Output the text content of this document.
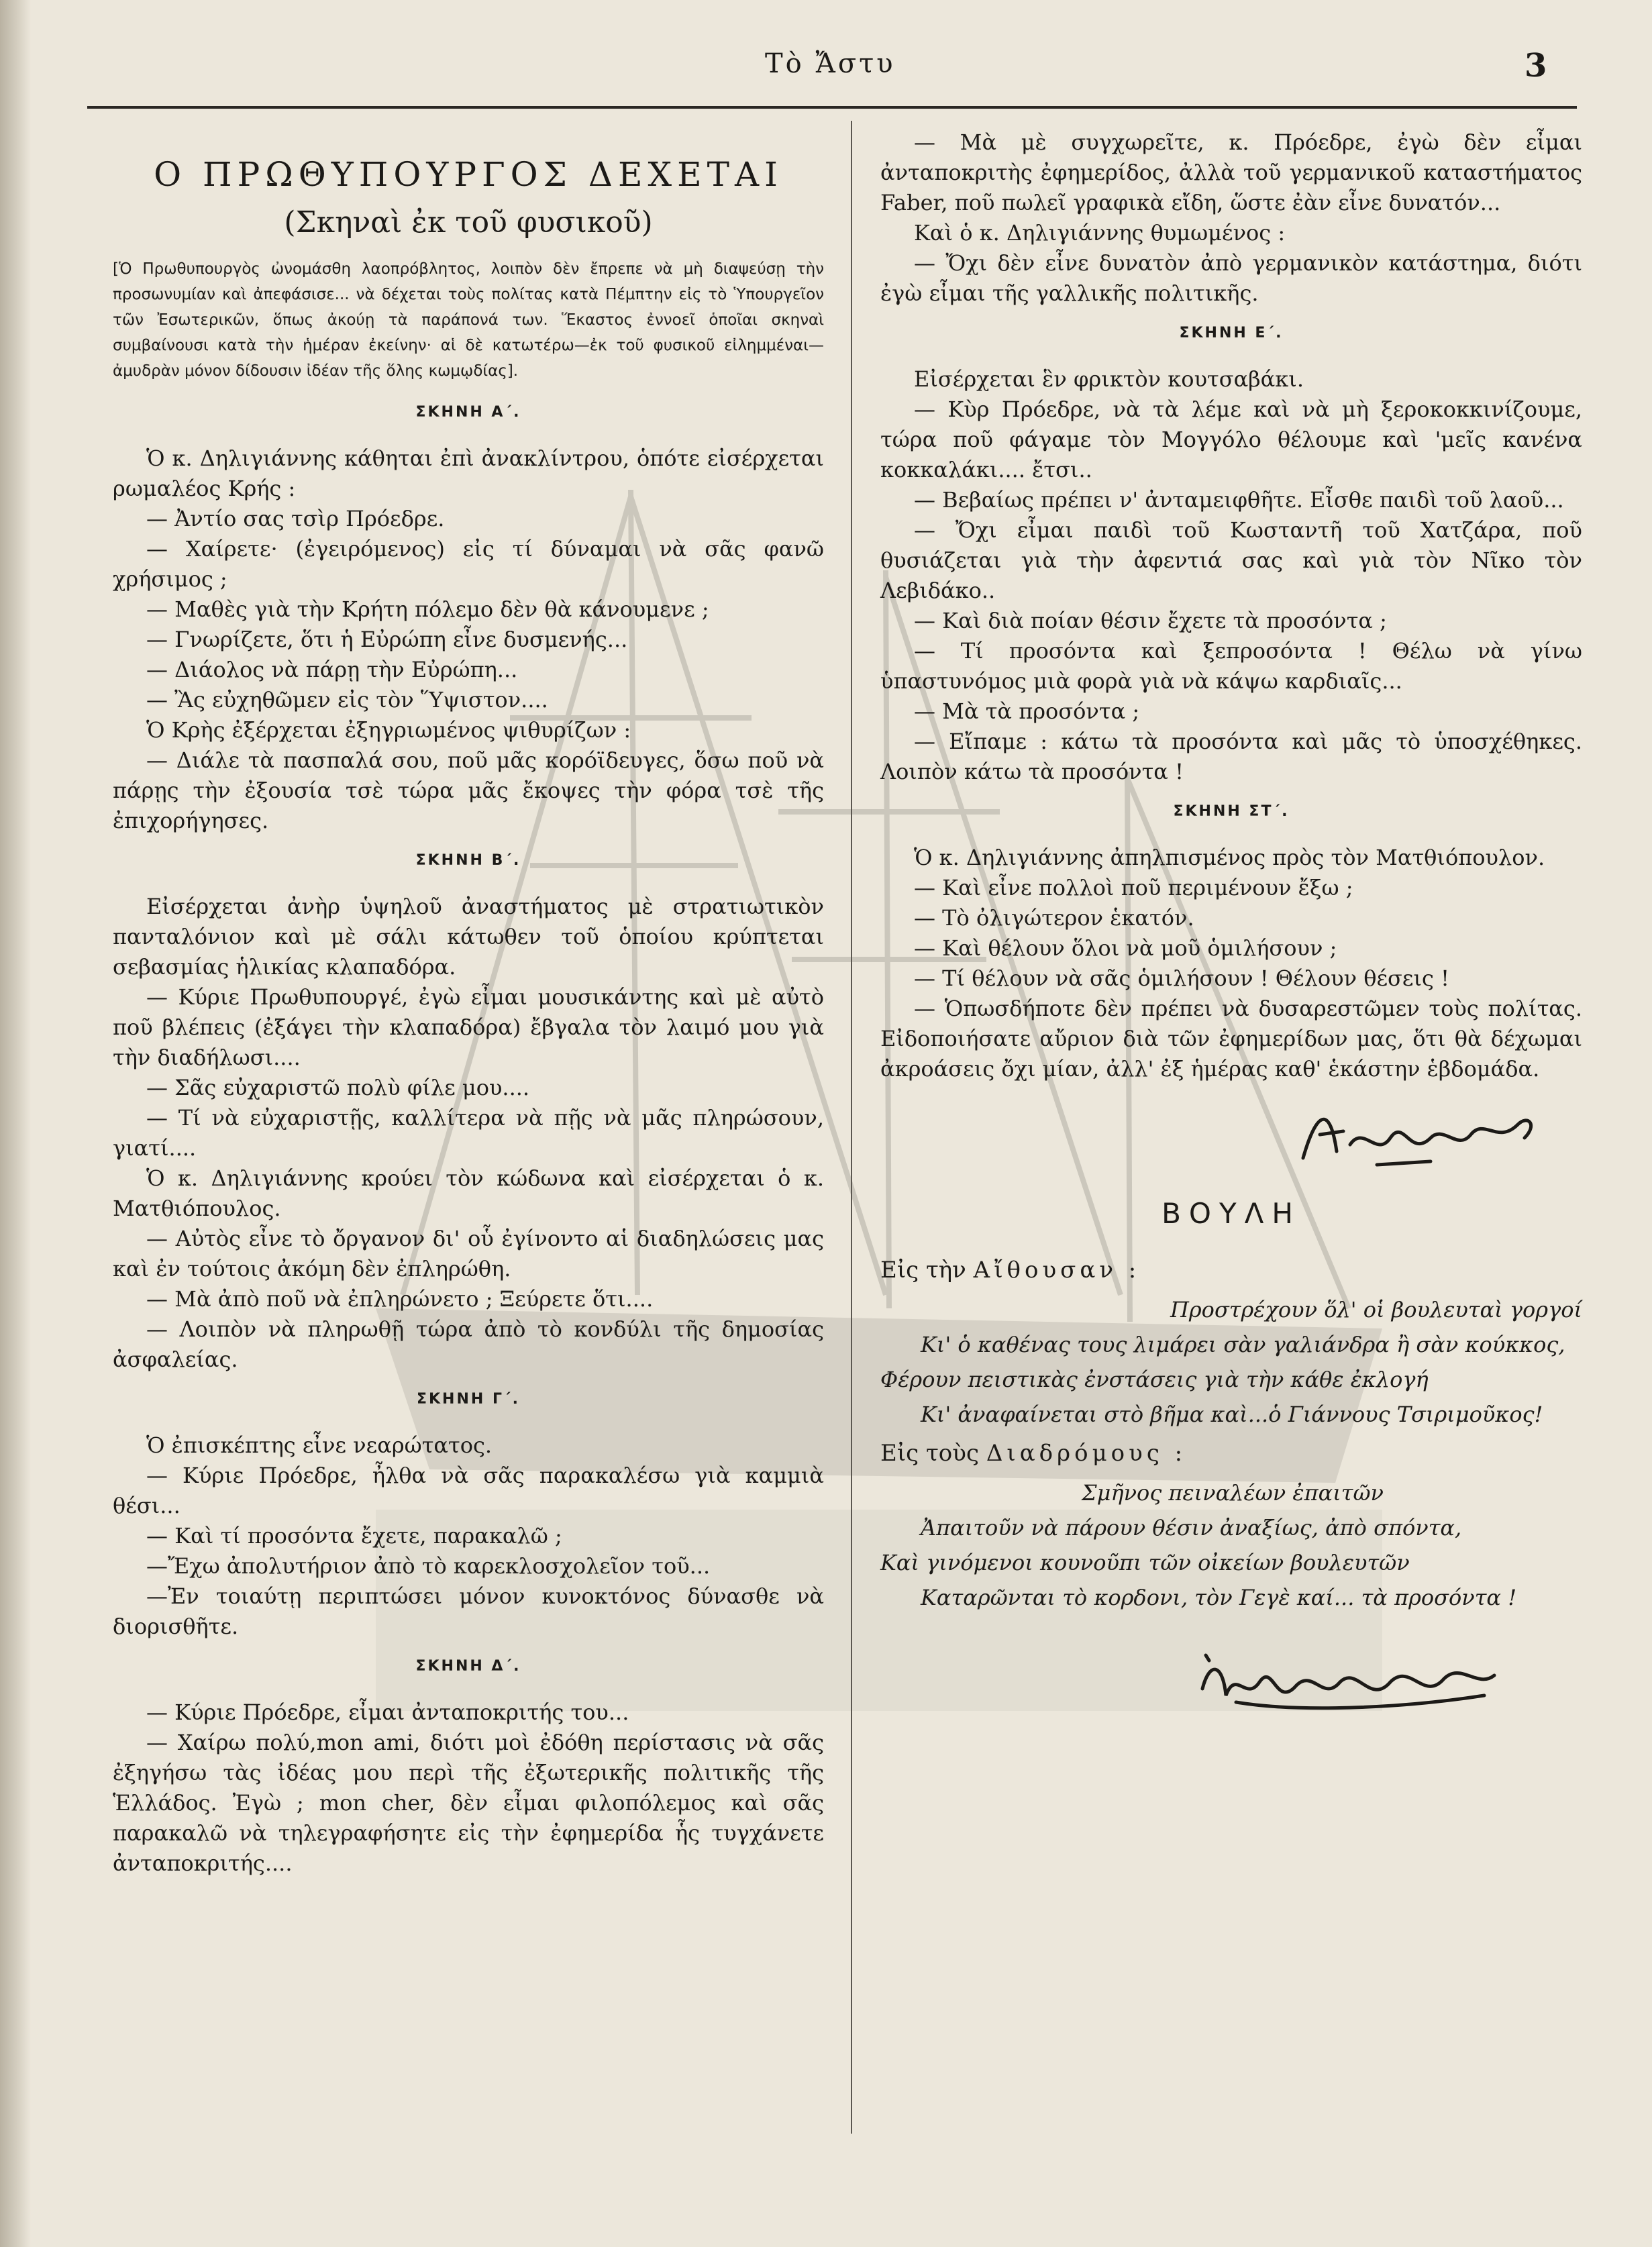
Τὸ Ἄστυ	3
Ο ΠΡΩΘΥΠΟΥΡΓΟΣ ΔΕΧΕΤΑΙ
(Σκηναὶ ἐκ τοῦ φυσικοῦ)
[Ὁ Πρωθυπουργὸς ὠνομάσθη λαοπρόβλητος, λοιπὸν δὲν ἔπρεπε νὰ μὴ διαψεύσῃ τὴν προσωνυμίαν καὶ ἀπεφάσισε... νὰ δέχεται τοὺς πολίτας κατὰ Πέμπτην εἰς τὸ Ὑπουργεῖον τῶν Ἐσωτερικῶν, ὅπως ἀκούῃ τὰ παράπονά των. Ἕκαστος ἐννοεῖ ὁποῖαι σκηναὶ συμβαίνουσι κατὰ τὴν ἡμέραν ἐκείνην· αἱ δὲ κατωτέρω—ἐκ τοῦ φυσικοῦ εἰλημμέναι—ἀμυδρὰν μόνον δίδουσιν ἰδέαν τῆς ὅλης κωμῳδίας].
ΣΚΗΝΗ Α΄.

Ὁ κ. Δηλιγιάννης κάθηται ἐπὶ ἀνακλίντρου, ὁπότε εἰσέρχεται ρωμαλέος Κρής :

— Ἀντίο σας τσὶρ Πρόεδρε.

— Χαίρετε· (ἐγειρόμενος) εἰς τί δύναμαι νὰ σᾶς φανῶ χρήσιμος ;

— Μαθὲς γιὰ τὴν Κρήτη πόλεμο δὲν θὰ κάνουμενε ;

— Γνωρίζετε, ὅτι ἡ Εὐρώπη εἶνε δυσμενής...

— Διάολος νὰ πάρῃ τὴν Εὐρώπη...

— Ἂς εὐχηθῶμεν εἰς τὸν Ὕψιστον....

Ὁ Κρὴς ἐξέρχεται ἐξηγριωμένος ψιθυρίζων :

— Διάλε τὰ πασπαλά σου, ποῦ μᾶς κορόϊδευγες, ὅσω ποῦ νὰ πάρῃς τὴν ἐξουσία τσὲ τώρα μᾶς ἔκοψες τὴν φόρα τσὲ τῆς ἐπιχορήγησες.

ΣΚΗΝΗ Β΄.

Εἰσέρχεται ἀνὴρ ὑψηλοῦ ἀναστήματος μὲ στρατιωτικὸν πανταλόνιον καὶ μὲ σάλι κάτωθεν τοῦ ὁποίου κρύπτεται σεβασμίας ἡλικίας κλαπαδόρα.

— Κύριε Πρωθυπουργέ, ἐγὼ εἶμαι μουσικάντης καὶ μὲ αὐτὸ ποῦ βλέπεις (ἐξάγει τὴν κλαπαδόρα) ἔβγαλα τὸν λαιμό μου γιὰ τὴν διαδήλωσι....

— Σᾶς εὐχαριστῶ πολὺ φίλε μου....

— Τί νὰ εὐχαριστῇς, καλλίτερα νὰ πῇς νὰ μᾶς πληρώσουν, γιατί....

Ὁ κ. Δηλιγιάννης κρούει τὸν κώδωνα καὶ εἰσέρχεται ὁ κ. Ματθιόπουλος.

— Αὐτὸς εἶνε τὸ ὄργανον δι' οὗ ἐγίνοντο αἱ διαδηλώσεις μας καὶ ἐν τούτοις ἀκόμη δὲν ἐπληρώθη.

— Μὰ ἀπὸ ποῦ νὰ ἐπληρώνετο ; Ξεύρετε ὅτι....

— Λοιπὸν νὰ πληρωθῇ τώρα ἀπὸ τὸ κονδύλι τῆς δημοσίας ἀσφαλείας.

ΣΚΗΝΗ Γ΄.

Ὁ ἐπισκέπτης εἶνε νεαρώτατος.

— Κύριε Πρόεδρε, ἦλθα νὰ σᾶς παρακαλέσω γιὰ καμμιὰ θέσι...

— Καὶ τί προσόντα ἔχετε, παρακαλῶ ;

—Ἔχω ἀπολυτήριον ἀπὸ τὸ καρεκλοσχολεῖον τοῦ...

—Ἐν τοιαύτῃ περιπτώσει μόνον κυνοκτόνος δύνασθε νὰ διορισθῆτε.

ΣΚΗΝΗ Δ΄.

— Κύριε Πρόεδρε, εἶμαι ἀνταποκριτής του...

— Χαίρω πολύ,mon ami, διότι μοὶ ἐδόθη περίστασις νὰ σᾶς ἐξηγήσω τὰς ἰδέας μου περὶ τῆς ἐξωτερικῆς πολιτικῆς τῆς Ἑλλάδος. Ἐγὼ ; mon cher, δὲν εἶμαι φιλοπόλεμος καὶ σᾶς παρακαλῶ νὰ τηλεγραφήσητε εἰς τὴν ἐφημερίδα ἧς τυγχάνετε ἀνταποκριτής....

— Μὰ μὲ συγχωρεῖτε, κ. Πρόεδρε, ἐγὼ δὲν εἶμαι ἀνταποκριτὴς ἐφημερίδος, ἀλλὰ τοῦ γερμανικοῦ καταστήματος Faber, ποῦ πωλεῖ γραφικὰ εἴδη, ὥστε ἐὰν εἶνε δυνατόν...

Καὶ ὁ κ. Δηλιγιάννης θυμωμένος :

— Ὄχι δὲν εἶνε δυνατὸν ἀπὸ γερμανικὸν κατάστημα, διότι ἐγὼ εἶμαι τῆς γαλλικῆς πολιτικῆς.

ΣΚΗΝΗ Ε΄.

Εἰσέρχεται ἓν φρικτὸν κουτσαβάκι.

— Κὺρ Πρόεδρε, νὰ τὰ λέμε καὶ νὰ μὴ ξεροκοκκινίζουμε, τώρα ποῦ φάγαμε τὸν Μογγόλο θέλουμε καὶ 'μεῖς κανένα κοκκαλάκι.... ἔτσι..

— Βεβαίως πρέπει ν' ἀνταμειφθῆτε. Εἶσθε παιδὶ τοῦ λαοῦ...

— Ὄχι εἶμαι παιδὶ τοῦ Κωσταντῆ τοῦ Χατζάρα, ποῦ θυσιάζεται γιὰ τὴν ἀφεντιά σας καὶ γιὰ τὸν Νῖκο τὸν Λεβιδάκο..

— Καὶ διὰ ποίαν θέσιν ἔχετε τὰ προσόντα ;

— Τί προσόντα καὶ ξεπροσόντα ! Θέλω νὰ γίνω ὑπαστυνόμος μιὰ φορὰ γιὰ νὰ κάψω καρδιαῖς...

— Μὰ τὰ προσόντα ;

— Εἴπαμε : κάτω τὰ προσόντα καὶ μᾶς τὸ ὑποσχέθηκες. Λοιπὸν κάτω τὰ προσόντα !

ΣΚΗΝΗ ΣΤ΄.

Ὁ κ. Δηλιγιάννης ἀπηλπισμένος πρὸς τὸν Ματθιόπουλον.

— Καὶ εἶνε πολλοὶ ποῦ περιμένουν ἔξω ;

— Τὸ ὀλιγώτερον ἑκατόν.

— Καὶ θέλουν ὅλοι νὰ μοῦ ὁμιλήσουν ;

— Τί θέλουν νὰ σᾶς ὁμιλήσουν ! Θέλουν θέσεις !

— Ὁπωσδήποτε δὲν πρέπει νὰ δυσαρεστῶμεν τοὺς πολίτας. Εἰδοποιήσατε αὔριον διὰ τῶν ἐφημερίδων μας, ὅτι θὰ δέχωμαι ἀκροάσεις ὄχι μίαν, ἀλλ' ἐξ ἡμέρας καθ' ἑκάστην ἑβδομάδα.

ΒΟΥΛΗ
Εἰς τὴν Αἴθουσαν :
Προστρέχουν ὅλ' οἱ βουλευταὶ γοργοί
Κι' ὁ καθένας τους λιμάρει σὰν γαλιάνδρα ἢ σὰν κούκκος,
Φέρουν πειστικὰς ἐνστάσεις γιὰ τὴν κάθε ἐκλογή
Κι' ἀναφαίνεται στὸ βῆμα καὶ...ὁ Γιάννους Τσιριμοῦκος!
Εἰς τοὺς Διαδρόμους :
Σμῆνος πειναλέων ἐπαιτῶν
Ἀπαιτοῦν νὰ πάρουν θέσιν ἀναξίως, ἀπὸ σπόντα,
Καὶ γινόμενοι κουνοῦπι τῶν οἰκείων βουλευτῶν
Καταρῶνται τὸ κορδονι, τὸν Γεγὲ καί... τὰ προσόντα !
